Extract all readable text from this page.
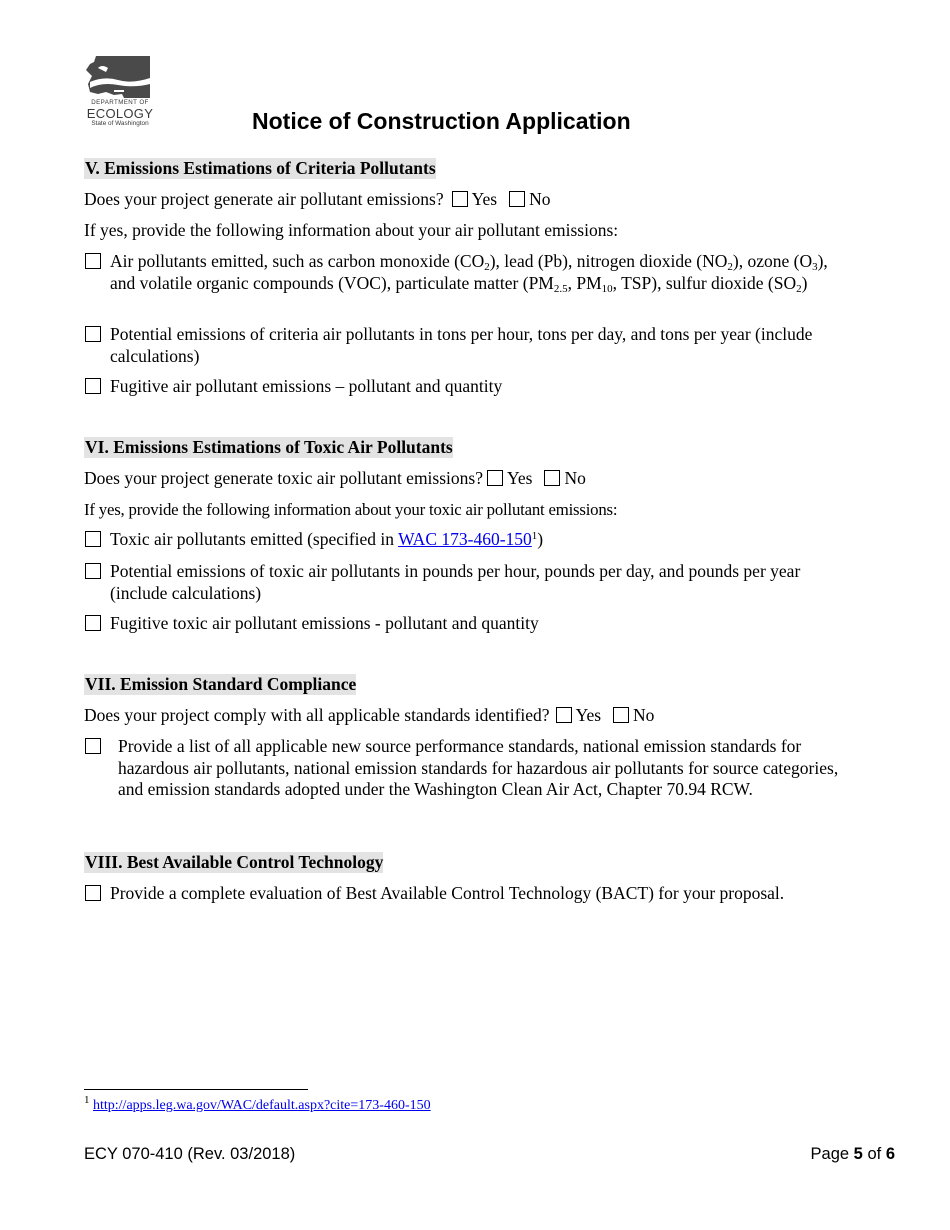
DEPARTMENT OF
ECOLOGY
State of Washington	Notice of Construction Application
V. Emissions Estimations of Criteria Pollutants
Does your project generate air pollutant emissions? Yes No
If yes, provide the following information about your air pollutant emissions:
Air pollutants emitted, such as carbon monoxide $(CO_2)$, lead (Pb), nitrogen dioxide $(NO_2)$, ozone $(O_3)$, and volatile organic compounds (VOC), particulate matter ($PM_{2.5}$, $PM_{10}$, TSP), sulfur dioxide $(SO_2)$
Potential emissions of criteria air pollutants in tons per hour, tons per day, and tons per year (include calculations)
Fugitive air pollutant emissions – pollutant and quantity
VI. Emissions Estimations of Toxic Air Pollutants
Does your project generate toxic air pollutant emissions? Yes No
If yes, provide the following information about your toxic air pollutant emissions:
Toxic air pollutants emitted (specified in WAC $173-460-150^1$)
Potential emissions of toxic air pollutants in pounds per hour, pounds per day, and pounds per year (include calculations)
Fugitive toxic air pollutant emissions - pollutant and quantity
VII. Emission Standard Compliance
Does your project comply with all applicable standards identified? Yes No
Provide a list of all applicable new source performance standards, national emission standards for hazardous air pollutants, national emission standards for hazardous air pollutants for source categories, and emission standards adopted under the Washington Clean Air Act, Chapter 70.94 RCW.
VIII. Best Available Control Technology
Provide a complete evaluation of Best Available Control Technology (BACT) for your proposal.
$^1$ http://apps.leg.wa.gov/WAC/default.aspx?cite=173-460-150
ECY 070-410 (Rev. 03/2018)	Page 5 of 6
